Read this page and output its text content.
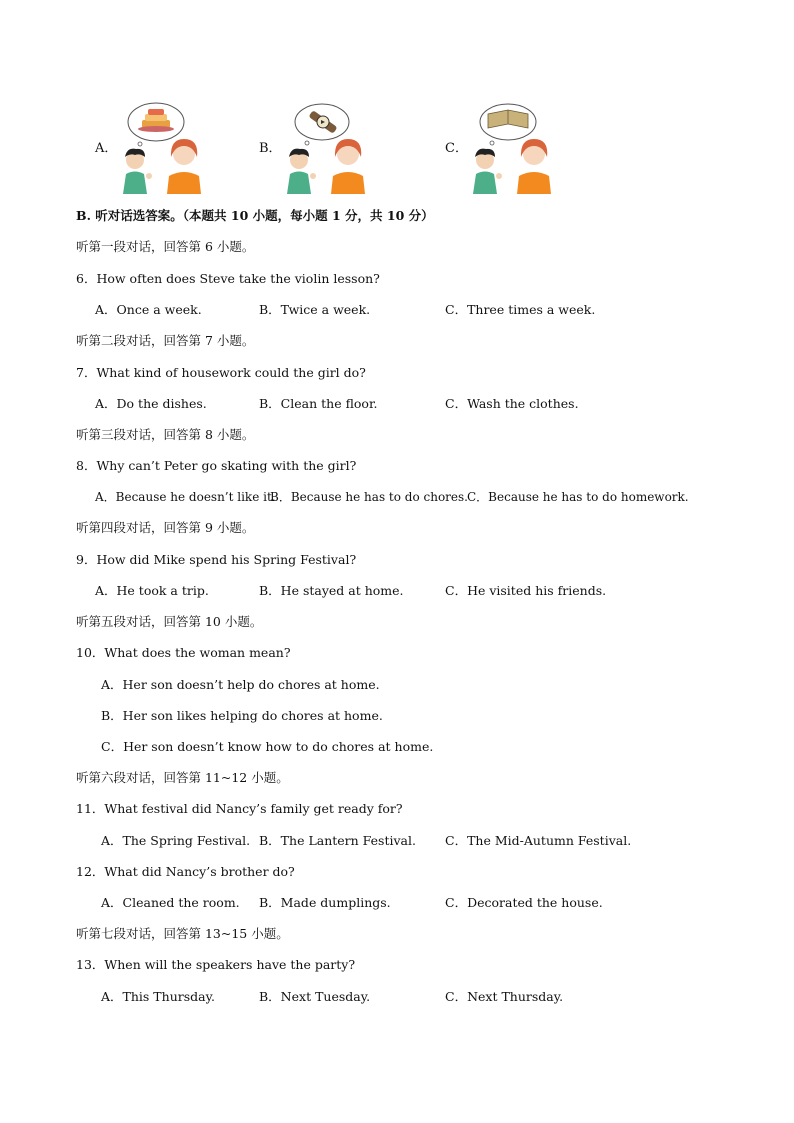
A．	B．	C．
B. 听对话选答案。（本题共 10 小题，每小题 1 分，共 10 分）
听第一段对话，回答第 6 小题。
6．How often does Steve take the violin lesson?
A．Once a week.	B．Twice a week.	C．Three times a week.
听第二段对话，回答第 7 小题。
7．What kind of housework could the girl do?
A．Do the dishes.	B．Clean the floor.	C．Wash the clothes.
听第三段对话，回答第 8 小题。
8．Why can’t Peter go skating with the girl?
A．Because he doesn’t like it.
B．Because he has to do chores. C．Because he has to do homework.
听第四段对话，回答第 9 小题。
9．How did Mike spend his Spring Festival?
A．He took a trip.	B．He stayed at home.	C．He visited his friends.
听第五段对话，回答第 10 小题。
10．What does the woman mean?
A．Her son doesn’t help do chores at home.
B．Her son likes helping do chores at home.
C．Her son doesn’t know how to do chores at home.
听第六段对话，回答第 11~12 小题。
11．What festival did Nancy’s family get ready for?
A．The Spring Festival. B．The Lantern Festival. C．The Mid-Autumn Festival.
12．What did Nancy’s brother do?
A．Cleaned the room. B．Made dumplings.	C．Decorated the house.
听第七段对话，回答第 13~15 小题。
13．When will the speakers have the party?
A．This Thursday.	B．Next Tuesday.	C．Next Thursday.
